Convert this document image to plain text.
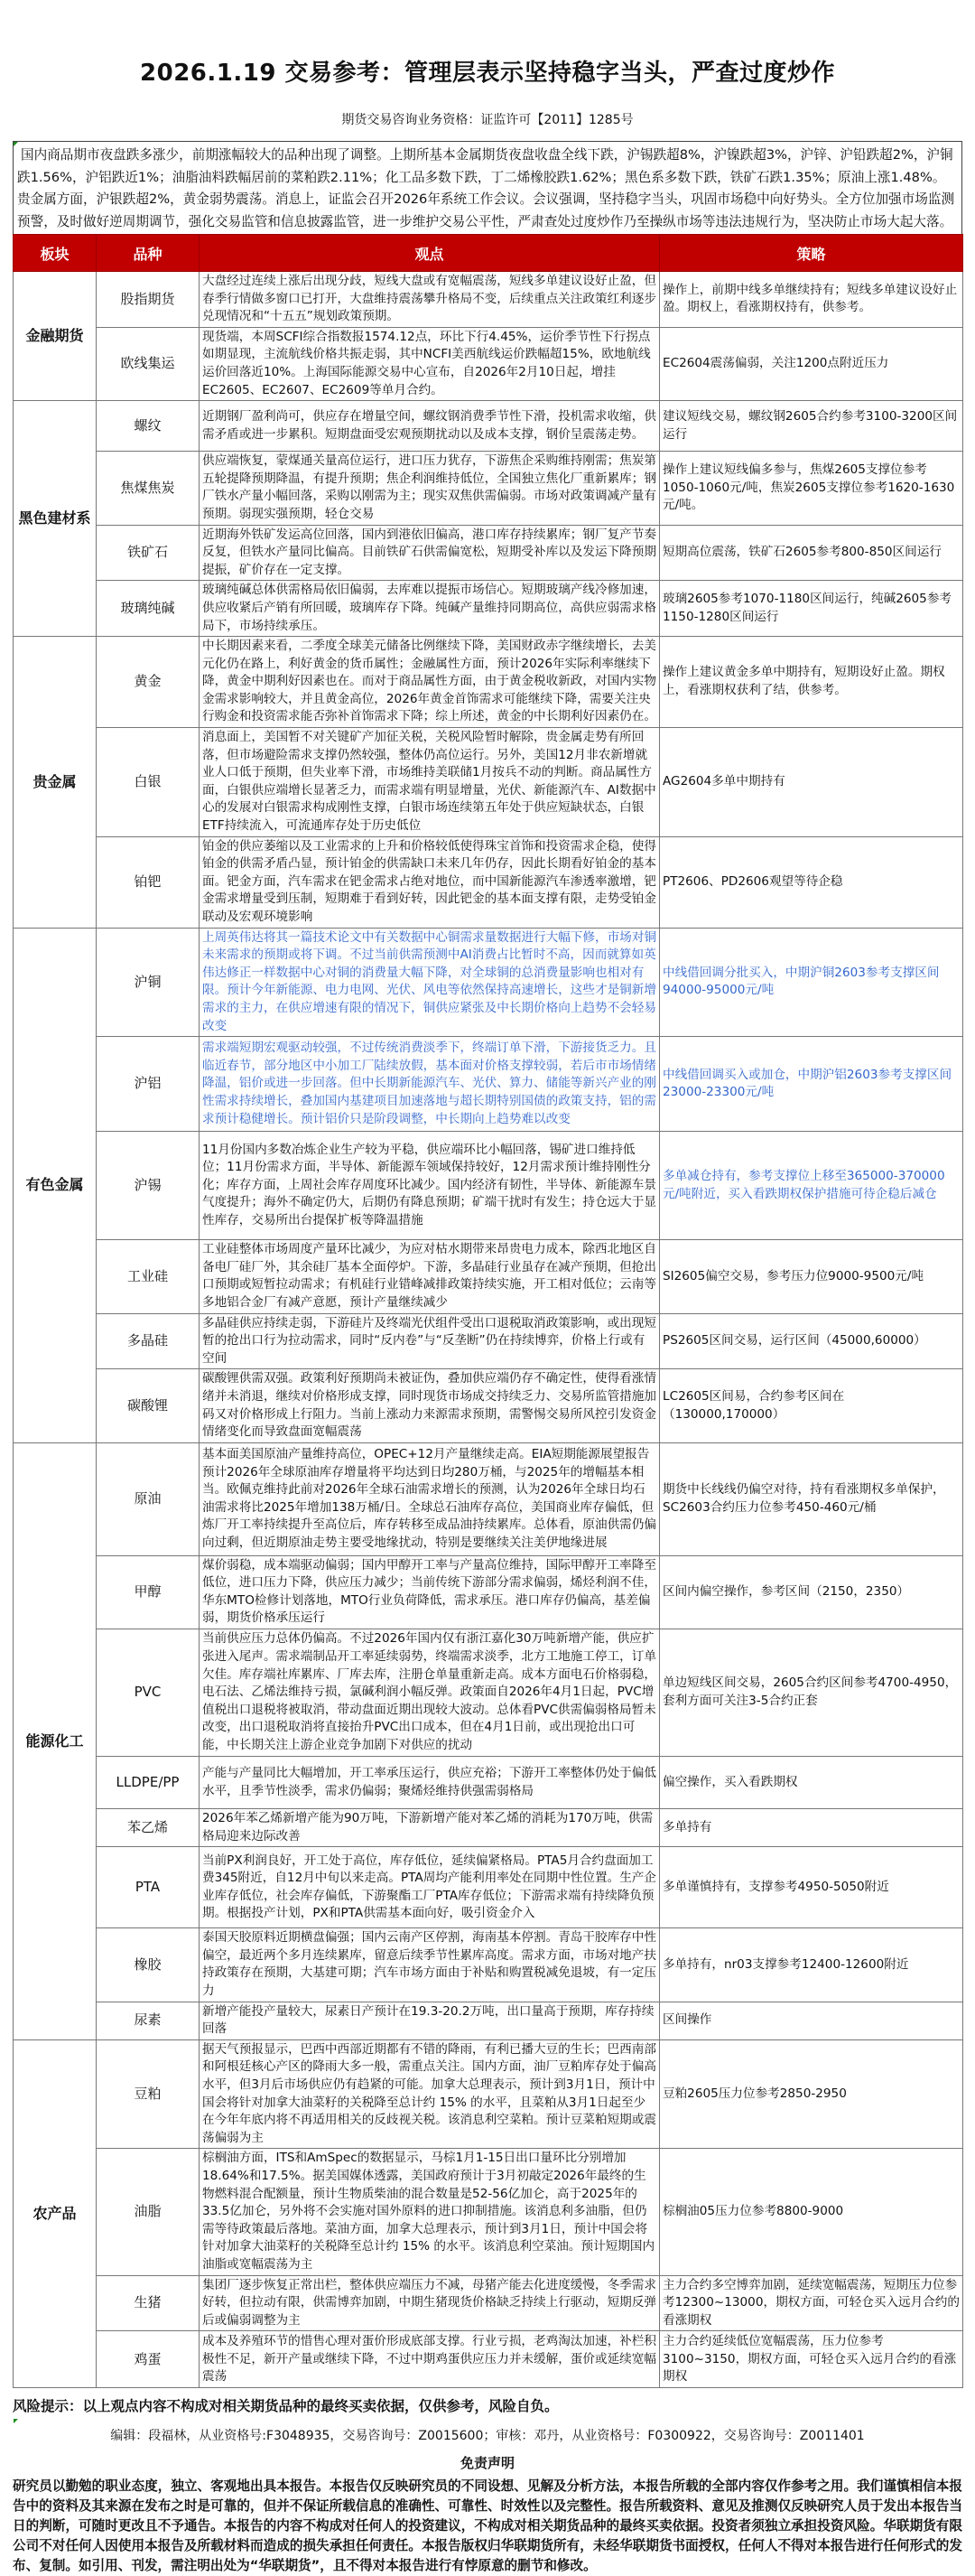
2026.1.19 交易参考：管理层表示坚持稳字当头，严查过度炒作
期货交易咨询业务资格：证监许可【2011】1285号
国内商品期市夜盘跌多涨少，前期涨幅较大的品种出现了调整。上期所基本金属期货夜盘收盘全线下跌，沪锡跌超8%，沪镍跌超3%，沪锌、沪铅跌超2%，沪铜跌1.56%，沪铝跌近1%；油脂油料跌幅居前的菜粕跌2.11%；化工品多数下跌，丁二烯橡胶跌1.62%；黑色系多数下跌，铁矿石跌1.35%；原油上涨1.48%。贵金属方面，沪银跌超2%，黄金弱势震荡。消息上，证监会召开2026年系统工作会议。会议强调，坚持稳字当头，巩固市场稳中向好势头。全方位加强市场监测预警，及时做好逆周期调节，强化交易监管和信息披露监管，进一步维护交易公平性，严肃查处过度炒作乃至操纵市场等违法违规行为，坚决防止市场大起大落。
板块	品种	观点	策略
金融期货	股指期货	大盘经过连续上涨后出现分歧，短线大盘或有宽幅震荡，短线多单建议设好止盈，但春季行情做多窗口已打开，大盘维持震荡攀升格局不变，后续重点关注政策红利逐步兑现情况和“十五五”规划政策预期。	操作上，前期中线多单继续持有；短线多单建议设好止盈。期权上，看涨期权持有，供参考。
	欧线集运	现货端，本周SCFI综合指数报1574.12点，环比下行4.45%，运价季节性下行拐点如期显现，主流航线价格共振走弱，其中NCFI美西航线运价跌幅超15%，欧地航线运价回落近10%。上海国际能源交易中心宣布，自2026年2月10日起，增挂EC2605、EC2607、EC2609等单月合约。	EC2604震荡偏弱，关注1200点附近压力
黑色建材系	螺纹	近期钢厂盈利尚可，供应存在增量空间，螺纹钢消费季节性下滑，投机需求收缩，供需矛盾或进一步累积。短期盘面受宏观预期扰动以及成本支撑，钢价呈震荡走势。	建议短线交易，螺纹钢2605合约参考3100-3200区间运行
	焦煤焦炭	供应端恢复，蒙煤通关量高位运行，进口压力犹存，下游焦企采购维持刚需；焦炭第五轮提降预期降温，有提升预期；焦企利润维持低位，全国独立焦化厂重新累库；钢厂铁水产量小幅回落，采购以刚需为主；现实双焦供需偏弱。市场对政策调减产量有预期。弱现实强预期，轻仓交易	操作上建议短线偏多参与，焦煤2605支撑位参考1050-1060元/吨，焦炭2605支撑位参考1620-1630元/吨。
	铁矿石	近期海外铁矿发运高位回落，国内到港依旧偏高，港口库存持续累库；钢厂复产节奏反复，但铁水产量同比偏高。目前铁矿石供需偏宽松，短期受补库以及发运下降预期提振，矿价存在一定支撑。	短期高位震荡，铁矿石2605参考800-850区间运行
	玻璃纯碱	玻璃纯碱总体供需格局依旧偏弱，去库难以提振市场信心。短期玻璃产线冷修加速，供应收紧后产销有所回暖，玻璃库存下降。纯碱产量维持同期高位，高供应弱需求格局下，市场持续承压。	玻璃2605参考1070-1180区间运行，纯碱2605参考1150-1280区间运行
贵金属	黄金	中长期因素来看，二季度全球美元储备比例继续下降，美国财政赤字继续增长，去美元化仍在路上，利好黄金的货币属性；金融属性方面，预计2026年实际利率继续下降，黄金中期利好因素也在。而对于商品属性方面，由于黄金税收新政，对国内实物金需求影响较大，并且黄金高位，2026年黄金首饰需求可能继续下降，需要关注央行购金和投资需求能否弥补首饰需求下降；综上所述，黄金的中长期利好因素仍在。	操作上建议黄金多单中期持有，短期设好止盈。期权上，看涨期权获利了结，供参考。
	白银	消息面上，美国暂不对关键矿产加征关税，关税风险暂时解除，贵金属走势有所回落，但市场避险需求支撑仍然较强，整体仍高位运行。另外，美国12月非农新增就业人口低于预期，但失业率下滑，市场维持美联储1月按兵不动的判断。商品属性方面，白银供应端增长显著乏力，而需求端有明显增量，光伏、新能源汽车、AI数据中心的发展对白银需求构成刚性支撑，白银市场连续第五年处于供应短缺状态，白银ETF持续流入，可流通库存处于历史低位	AG2604多单中期持有
	铂钯	铂金的供应萎缩以及工业需求的上升和价格较低使得珠宝首饰和投资需求企稳，使得铂金的供需矛盾凸显，预计铂金的供需缺口未来几年仍存，因此长期看好铂金的基本面。钯金方面，汽车需求在钯金需求占绝对地位，而中国新能源汽车渗透率激增，钯金需求增量受到压制，短期难于看到好转，因此钯金的基本面支撑有限，走势受铂金联动及宏观环境影响	PT2606、PD2606观望等待企稳
有色金属	沪铜	上周英伟达将其一篇技术论文中有关数据中心铜需求量数据进行大幅下修，市场对铜未来需求的预期或将下调。不过当前供需预测中AI消费占比暂时不高，因而就算如英伟达修正一样数据中心对铜的消费量大幅下降，对全球铜的总消费量影响也相对有限。预计今年新能源、电力电网、光伏、风电等依然保持高速增长，这些才是铜新增需求的主力，在供应增速有限的情况下，铜供应紧张及中长期价格向上趋势不会轻易改变	中线借回调分批买入，中期沪铜2603参考支撑区间94000-95000元/吨
	沪铝	需求端短期宏观驱动较强，不过传统消费淡季下，终端订单下滑，下游接货乏力。且临近春节，部分地区中小加工厂陆续放假，基本面对价格支撑较弱，若后市市场情绪降温，铝价或进一步回落。但中长期新能源汽车、光伏、算力、储能等新兴产业的刚性需求持续增长，叠加国内基建项目加速落地与超长期特别国债的政策支持，铝的需求预计稳健增长。预计铝价只是阶段调整，中长期向上趋势难以改变	中线借回调买入或加仓，中期沪铝2603参考支撑区间23000-23300元/吨
	沪锡	11月份国内多数冶炼企业生产较为平稳，供应端环比小幅回落，锡矿进口维持低位；11月份需求方面，半导体、新能源车领域保持较好，12月需求预计维持刚性分化；库存方面，上周社会库存周度环比减少。国内经济有韧性，半导体、新能源车景气度提升；海外不确定仍大，后期仍有降息预期；矿端干扰时有发生；持仓远大于显性库存，交易所出台提保扩板等降温措施	多单减仓持有，参考支撑位上移至365000-370000元/吨附近，买入看跌期权保护措施可待企稳后减仓
	工业硅	工业硅整体市场周度产量环比减少，为应对枯水期带来昂贵电力成本，除西北地区自备电厂硅厂外，其余硅厂基本全面停炉。下游，多晶硅行业虽存在减产预期，但抢出口预期或短暂拉动需求；有机硅行业错峰减排政策持续实施，开工相对低位；云南等多地铝合金厂有减产意愿，预计产量继续减少	SI2605偏空交易，参考压力位9000-9500元/吨
	多晶硅	多晶硅供应持续走弱，下游硅片及终端光伏组件受出口退税取消政策影响，或出现短暂的抢出口行为拉动需求，同时“反内卷”与“反垄断”仍在持续博弈，价格上行或有空间	PS2605区间交易，运行区间（45000,60000）
	碳酸锂	碳酸锂供需双强。政策利好预期尚未被证伪，叠加供应端仍存不确定性，使得看涨情绪并未消退，继续对价格形成支撑，同时现货市场成交持续乏力、交易所监管措施加码又对价格形成上行阻力。当前上涨动力来源需求预期，需警惕交易所风控引发资金情绪变化而导致盘面宽幅震荡	LC2605区间易，合约参考区间在（130000,170000）
能源化工	原油	基本面美国原油产量维持高位，OPEC+12月产量继续走高。EIA短期能源展望报告预计2026年全球原油库存增量将平均达到日均280万桶，与2025年的增幅基本相当。欧佩克维持此前对2026年全球石油需求增长的预测，认为2026年全球日均石油需求将比2025年增加138万桶/日。全球总石油库存高位，美国商业库存偏低，但炼厂开工率持续提升至高位后，库存转移至成品油持续累库。总体看，原油供需仍偏向过剩，但近期原油走势主要受地缘扰动，特别是要继续关注美伊地缘进展	期货中长线线仍偏空对待，持有看涨期权多单保护，SC2603合约压力位参考450-460元/桶
	甲醇	煤价弱稳，成本端驱动偏弱；国内甲醇开工率与产量高位维持，国际甲醇开工率降至低位，进口压力下降，供应压力减少；当前传统下游部分需求偏弱，烯烃利润不佳，华东MTO检修计划落地，MTO行业负荷降低，需求承压。港口库存仍偏高，基差偏弱，期货价格承压运行	区间内偏空操作，参考区间（2150，2350）
	PVC	当前供应压力总体仍偏高。不过2026年国内仅有浙江嘉化30万吨新增产能，供应扩张进入尾声。需求端制品开工率延续弱势，终端需求淡季，北方工地施工停工，订单欠佳。库存端社库累库、厂库去库，注册仓单量重新走高。成本方面电石价格弱稳，电石法、乙烯法维持亏损，氯碱利润小幅反弹。政策面自2026年4月1日起，PVC增值税出口退税将被取消，带动盘面近期出现较大波动。总体看PVC供需偏弱格局暂未改变，出口退税取消将直接抬升PVC出口成本，但在4月1日前，或出现抢出口可能，中长期关注上游企业竞争加剧下对供应的扰动	单边短线区间交易，2605合约区间参考4700-4950，套利方面可关注3-5合约正套
	LLDPE/PP	产能与产量同比大幅增加，开工率承压运行，供应充裕；下游开工率整体仍处于偏低水平，且季节性淡季，需求仍偏弱；聚烯烃维持供强需弱格局	偏空操作，买入看跌期权
	苯乙烯	2026年苯乙烯新增产能为90万吨，下游新增产能对苯乙烯的消耗为170万吨，供需格局迎来边际改善	多单持有
	PTA	当前PX利润良好，开工处于高位，库存低位，延续偏紧格局。PTA5月合约盘面加工费345附近，自12月中旬以来走高。PTA周均产能利用率处在同期中性位置。生产企业库存低位，社会库存偏低，下游聚酯工厂PTA库存低位；下游需求端有持续降负预期。根据投产计划，PX和PTA供需基本面向好，吸引资金介入	多单谨慎持有，支撑参考4950-5050附近
	橡胶	泰国天胶原料近期横盘偏强；国内云南产区停割，海南基本停割。青岛干胶库存中性偏空，最近两个多月连续累库，留意后续季节性累库高度。需求方面，市场对地产扶持政策存在预期，大基建可期；汽车市场方面由于补贴和购置税减免退坡，有一定压力	多单持有，nr03支撑参考12400-12600附近
	尿素	新增产能投产量较大，尿素日产预计在19.3-20.2万吨，出口量高于预期，库存持续回落	区间操作
农产品	豆粕	据天气预报显示，巴西中西部近期都有不错的降雨，有利已播大豆的生长；巴西南部和阿根廷核心产区的降雨大多一般，需重点关注。国内方面，油厂豆粕库存处于偏高水平，但3月后市场供应仍有趋紧的可能。加拿大总理表示，预计到3月1日，预计中国会将针对加拿大油菜籽的关税降至总计约 15% 的水平，且菜粕从3月1日起至少在今年年底内将不再适用相关的反歧视关税。该消息利空菜粕。预计豆菜粕短期或震荡偏弱为主	豆粕2605压力位参考2850-2950
	油脂	棕榈油方面，ITS和AmSpec的数据显示，马棕1月1-15日出口量环比分别增加18.64%和17.5%。据美国媒体透露，美国政府预计于3月初敲定2026年最终的生物燃料混合配额量，预计生物质柴油的混合数量是52-56亿加仑，高于2025年的33.5亿加仑，另外将不会实施对国外原料的进口抑制措施。该消息利多油脂，但仍需等待政策最后落地。菜油方面，加拿大总理表示，预计到3月1日，预计中国会将针对加拿大油菜籽的关税降至总计约 15% 的水平。该消息利空菜油。预计短期国内油脂或宽幅震荡为主	棕榈油05压力位参考8800-9000
	生猪	集团厂逐步恢复正常出栏，整体供应端压力不减，母猪产能去化进度缓慢，冬季需求好转，但拉动有限，供需博弈加剧，中期生猪现货价格缺乏持续上行驱动，短期反弹后或偏弱调整为主	主力合约多空博弈加剧，延续宽幅震荡，短期压力位参考12300~13000，期权方面，可轻仓买入远月合约的看涨期权
	鸡蛋	成本及养殖环节的惜售心理对蛋价形成底部支撑。行业亏损，老鸡淘汰加速，补栏积极性不足，新开产量或继续下降，不过中期鸡蛋供应压力并未缓解，蛋价或延续宽幅震荡	主力合约延续低位宽幅震荡，压力位参考3100~3150，期权方面，可轻仓买入远月合约的看涨期权
风险提示：以上观点内容不构成对相关期货品种的最终买卖依据，仅供参考，风险自负。
编辑：段福林，从业资格号:F3048935，交易咨询号：Z0015600；审核：邓丹，从业资格号：F0300922，交易咨询号：Z0011401
免责声明
研究员以勤勉的职业态度，独立、客观地出具本报告。本报告仅反映研究员的不同设想、见解及分析方法，本报告所载的全部内容仅作参考之用。我们谨慎相信本报告中的资料及其来源在发布之时是可靠的，但并不保证所载信息的准确性、可靠性、时效性以及完整性。报告所载资料、意见及推测仅反映研究人员于发出本报告当日的判断，可随时更改且不予通告。本报告的内容不构成对任何人的投资建议，不构成对相关期货品种的最终买卖依据。投资者须独立承担投资风险。华联期货有限公司不对任何人因使用本报告及所载材料而造成的损失承担任何责任。本报告版权归华联期货所有，未经华联期货书面授权，任何人不得对本报告进行任何形式的发布、复制。如引用、刊发，需注明出处为“华联期货”，且不得对本报告进行有悖原意的删节和修改。
